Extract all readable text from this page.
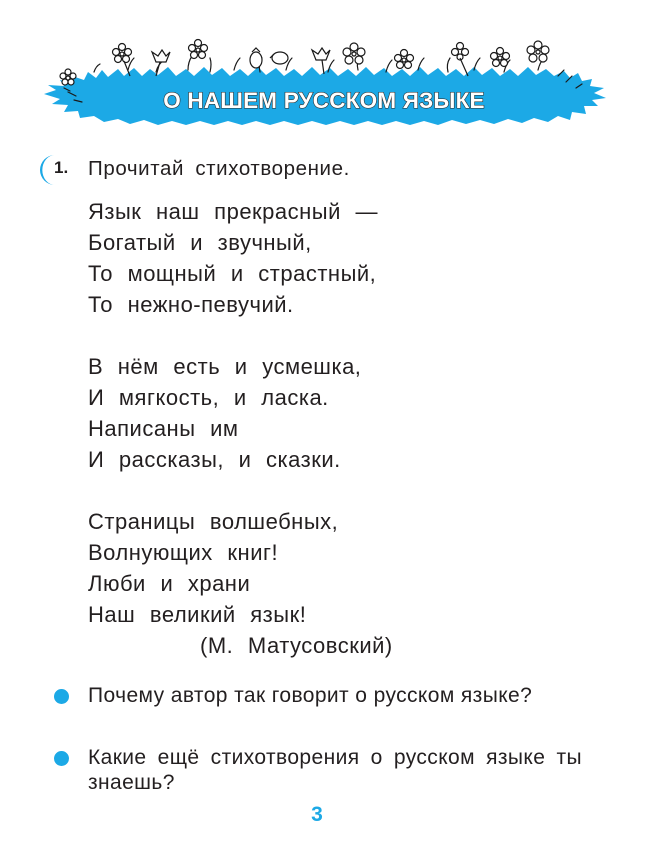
О НАШЕМ РУССКОМ ЯЗЫКЕ
1. Прочитай стихотворение.
Язык наш прекрасный —
Богатый и звучный,
То мощный и страстный,
То нежно-певучий.
В нём есть и усмешка,
И мягкость, и ласка.
Написаны им
И рассказы, и сказки.
Страницы волшебных,
Волнующих книг!
Люби и храни
Наш великий язык!
(М. Матусовский)
Почему автор так говорит о русском языке?
Какие ещё стихотворения о русском языке ты знаешь?
3
